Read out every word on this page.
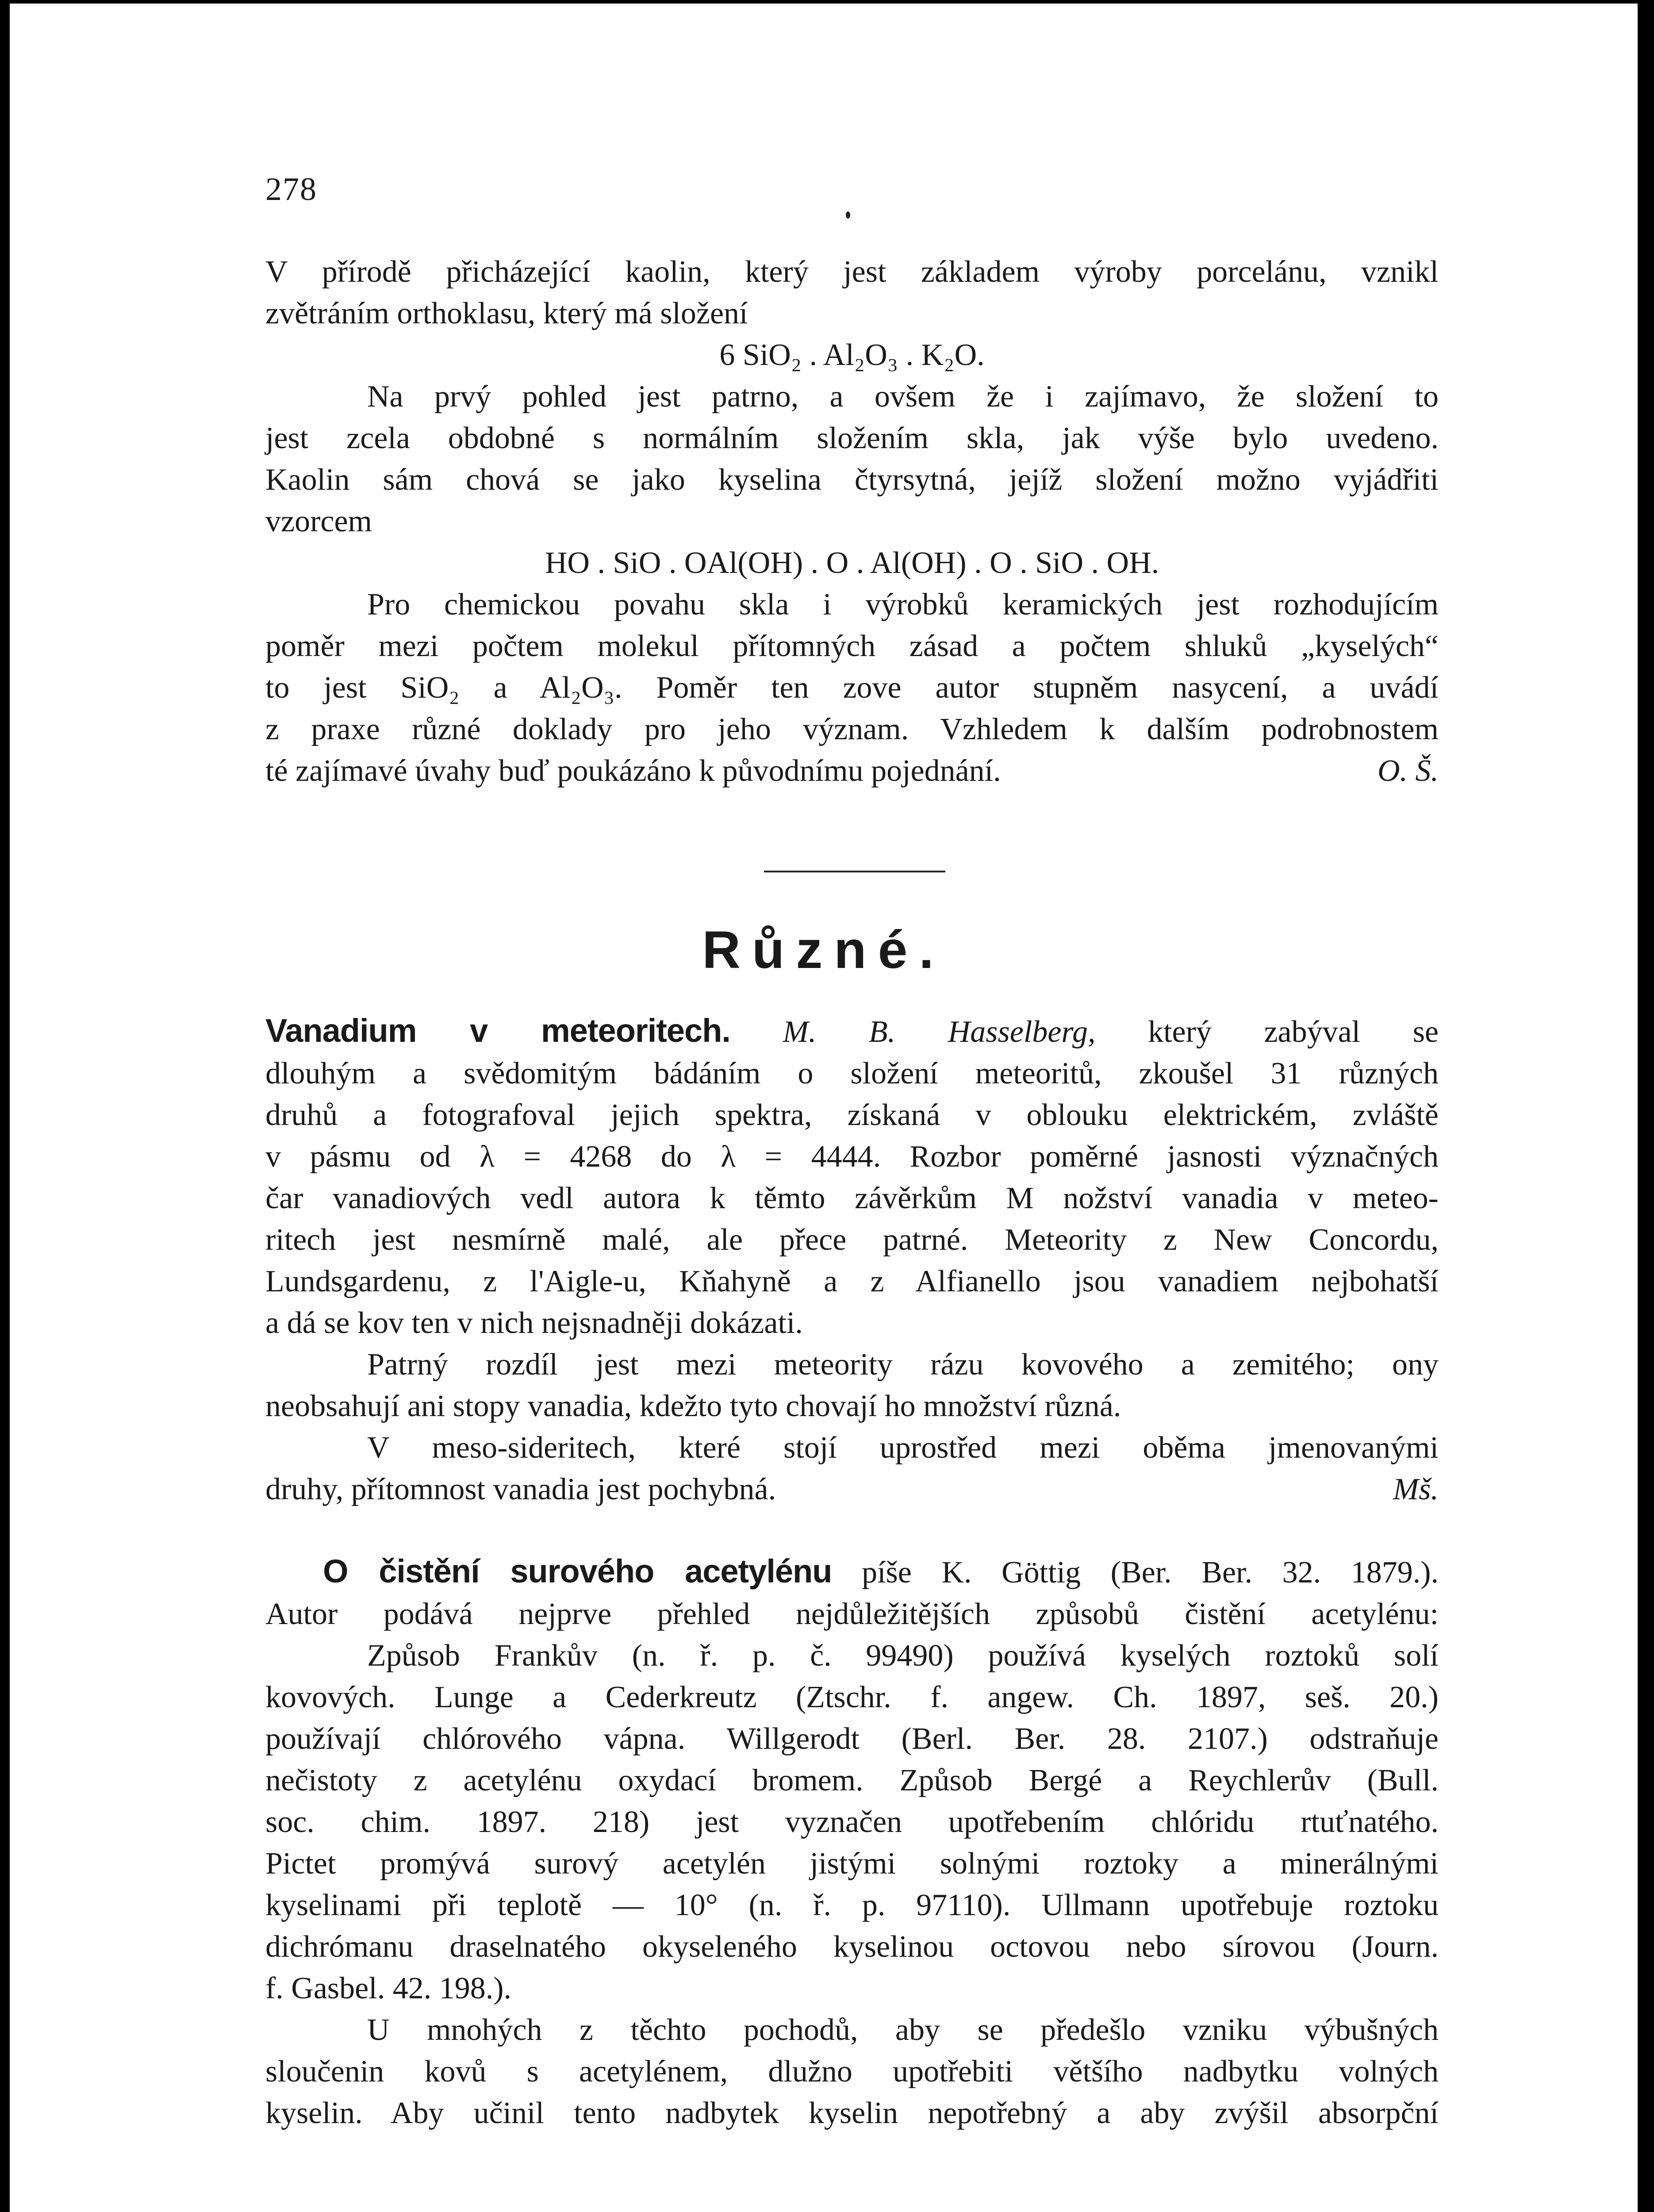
278
V přírodě přicházející kaolin, který jest základem výroby porcelánu, vznikl
zvětráním orthoklasu, který má složení
6 SiO₂ . Al₂O₃ . K₂O.
Na prvý pohled jest patrno, a ovšem že i zajímavo, že složení to
jest zcela obdobné s normálním složením skla, jak výše bylo uvedeno.
Kaolin sám chová se jako kyselina čtyrsytná, jejíž složení možno vyjádřiti
vzorcem
HO . SiO . OAl(OH) . O . Al(OH) . O . SiO . OH.
Pro chemickou povahu skla i výrobků keramických jest rozhodujícím
poměr mezi počtem molekul přítomných zásad a počtem shluků „kyselých“
to jest SiO₂ a Al₂O₃. Poměr ten zove autor stupněm nasycení, a uvádí
z praxe různé doklady pro jeho význam. Vzhledem k dalším podrobnostem
té zajímavé úvahy buď poukázáno k původnímu pojednání.	O. Š.
Různé.
Vanadium v meteoritech. M. B. Hasselberg, který zabýval se
dlouhým a svědomitým bádáním o složení meteoritů, zkoušel 31 různých
druhů a fotografoval jejich spektra, získaná v oblouku elektrickém, zvláště
v pásmu od λ = 4268 do λ = 4444. Rozbor poměrné jasnosti význačných
čar vanadiových vedl autora k těmto závěrkům M nožství vanadia v meteo-
ritech jest nesmírně malé, ale přece patrné. Meteority z New Concordu,
Lundsgardenu, z l'Aigle-u, Kňahyně a z Alfianello jsou vanadiem nejbohatší
a dá se kov ten v nich nejsnadněji dokázati.
Patrný rozdíl jest mezi meteority rázu kovového a zemitého; ony
neobsahují ani stopy vanadia, kdežto tyto chovají ho množství různá.
V meso-sideritech, které stojí uprostřed mezi oběma jmenovanými
druhy, přítomnost vanadia jest pochybná.	Mš.
O čistění surového acetylénu píše K. Göttig (Ber. Ber. 32. 1879.).
Autor podává nejprve přehled nejdůležitějších způsobů čistění acetylénu:
Způsob Frankův (n. ř. p. č. 99490) používá kyselých roztoků solí
kovových. Lunge a Cederkreutz (Ztschr. f. angew. Ch. 1897, seš. 20.)
používají chlórového vápna. Willgerodt (Berl. Ber. 28. 2107.) odstraňuje
nečistoty z acetylénu oxydací bromem. Způsob Bergé a Reychlerův (Bull.
soc. chim. 1897. 218) jest vyznačen upotřebením chlóridu rtuťnatého.
Pictet promývá surový acetylén jistými solnými roztoky a minerálnými
kyselinami při teplotě — 10° (n. ř. p. 97110). Ullmann upotřebuje roztoku
dichrómanu draselnatého okyseleného kyselinou octovou nebo sírovou (Journ.
f. Gasbel. 42. 198.).
U mnohých z těchto pochodů, aby se předešlo vzniku výbušných
sloučenin kovů s acetylénem, dlužno upotřebiti většího nadbytku volných
kyselin. Aby učinil tento nadbytek kyselin nepotřebný a aby zvýšil absorpční
